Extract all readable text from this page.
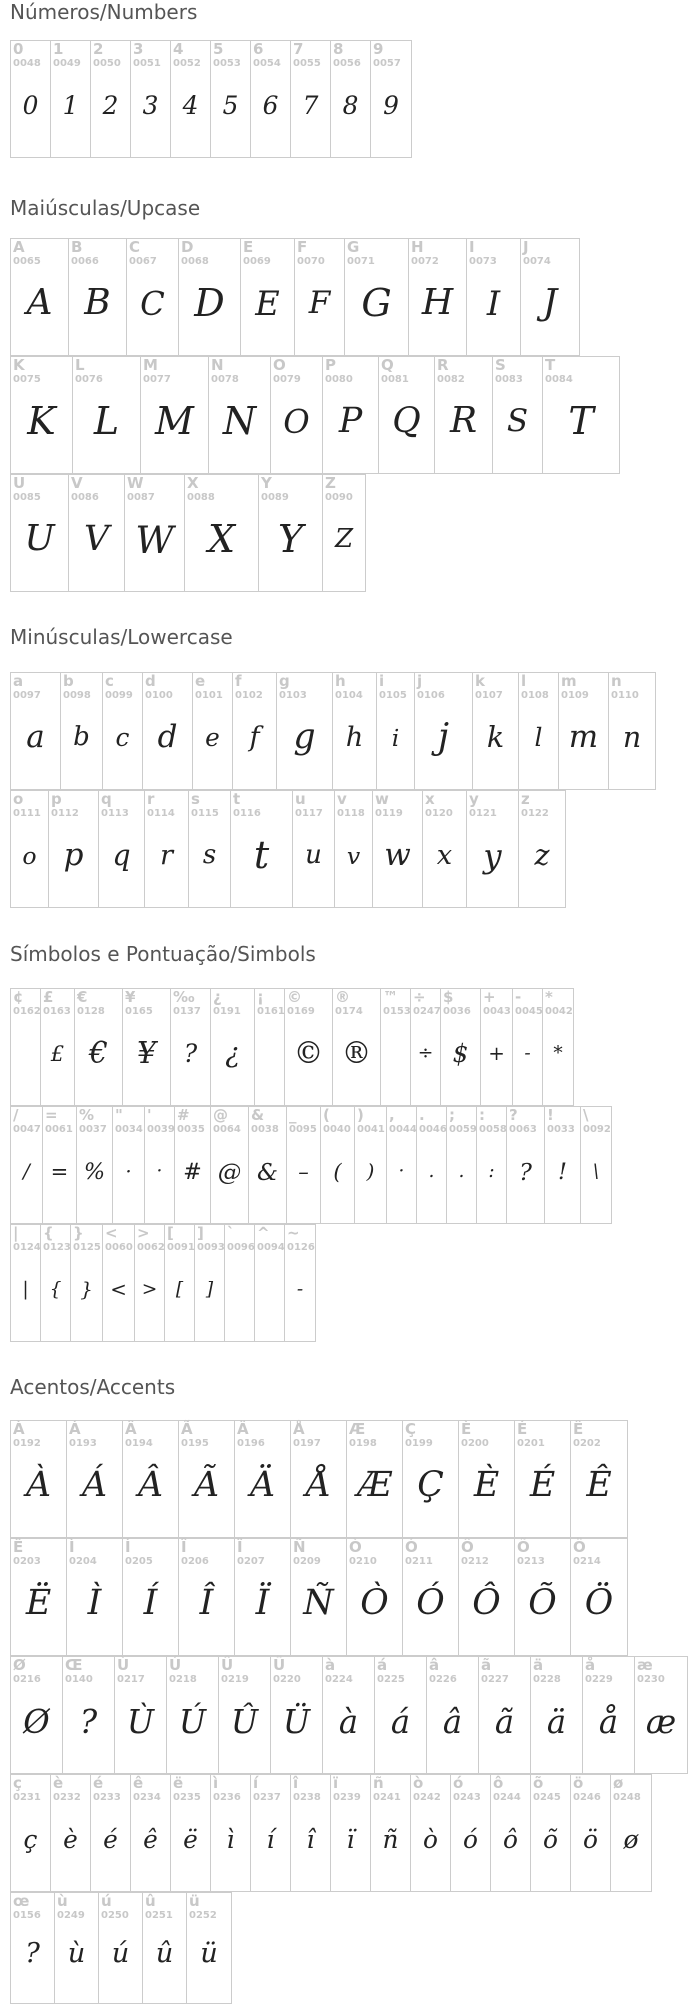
Números/Numbers
0
0048
0
1
0049
1
2
0050
2
3
0051
3
4
0052
4
5
0053
5
6
0054
6
7
0055
7
8
0056
8
9
0057
9
Maiúsculas/Upcase
A
0065
A
B
0066
B
C
0067
C
D
0068
D
E
0069
E
F
0070
F
G
0071
G
H
0072
H
I
0073
I
J
0074
J
K
0075
K
L
0076
L
M
0077
M
N
0078
N
O
0079
O
P
0080
P
Q
0081
Q
R
0082
R
S
0083
S
T
0084
T
U
0085
U
V
0086
V
W
0087
W
X
0088
X
Y
0089
Y
Z
0090
Z
Minúsculas/Lowercase
a
0097
a
b
0098
b
c
0099
c
d
0100
d
e
0101
e
f
0102
f
g
0103
g
h
0104
h
i
0105
i
j
0106
j
k
0107
k
l
0108
l
m
0109
m
n
0110
n
o
0111
o
p
0112
p
q
0113
q
r
0114
r
s
0115
s
t
0116
t
u
0117
u
v
0118
v
w
0119
w
x
0120
x
y
0121
y
z
0122
z
Símbolos e Pontuação/Simbols
¢
0162
£
0163
£
€
0128
€
¥
0165
¥
‰
0137
?
¿
0191
¿
¡
0161
©
0169
©
®
0174
®
™
0153
÷
0247
÷
$
0036
$
+
0043
+
-
0045
-
*
0042
*
/
0047
/
=
0061
=
%
0037
%
"
0034
·
'
0039
·
#
0035
#
@
0064
@
&
0038
&
_
0095
–
(
0040
(
)
0041
)
,
0044
·
.
0046
.
;
0059
.
:
0058
:
?
0063
?
!
0033
!
\
0092
\
|
0124
|
{
0123
{
}
0125
}
<
0060
<
>
0062
>
[
0091
[
]
0093
]
`
0096
^
0094
~
0126
-
Acentos/Accents
À
0192
À
Á
0193
Á
Â
0194
Â
Ã
0195
Ã
Ä
0196
Ä
Å
0197
Å
Æ
0198
Æ
Ç
0199
Ç
È
0200
È
É
0201
É
Ê
0202
Ê
Ë
0203
Ë
Ì
0204
Ì
Í
0205
Í
Î
0206
Î
Ï
0207
Ï
Ñ
0209
Ñ
Ò
0210
Ò
Ó
0211
Ó
Ô
0212
Ô
Õ
0213
Õ
Ö
0214
Ö
Ø
0216
Ø
Œ
0140
?
Ù
0217
Ù
Ú
0218
Ú
Û
0219
Û
Ü
0220
Ü
à
0224
à
á
0225
á
â
0226
â
ã
0227
ã
ä
0228
ä
å
0229
å
æ
0230
æ
ç
0231
ç
è
0232
è
é
0233
é
ê
0234
ê
ë
0235
ë
ì
0236
ì
í
0237
í
î
0238
î
ï
0239
ï
ñ
0241
ñ
ò
0242
ò
ó
0243
ó
ô
0244
ô
õ
0245
õ
ö
0246
ö
ø
0248
ø
œ
0156
?
ù
0249
ù
ú
0250
ú
û
0251
û
ü
0252
ü
